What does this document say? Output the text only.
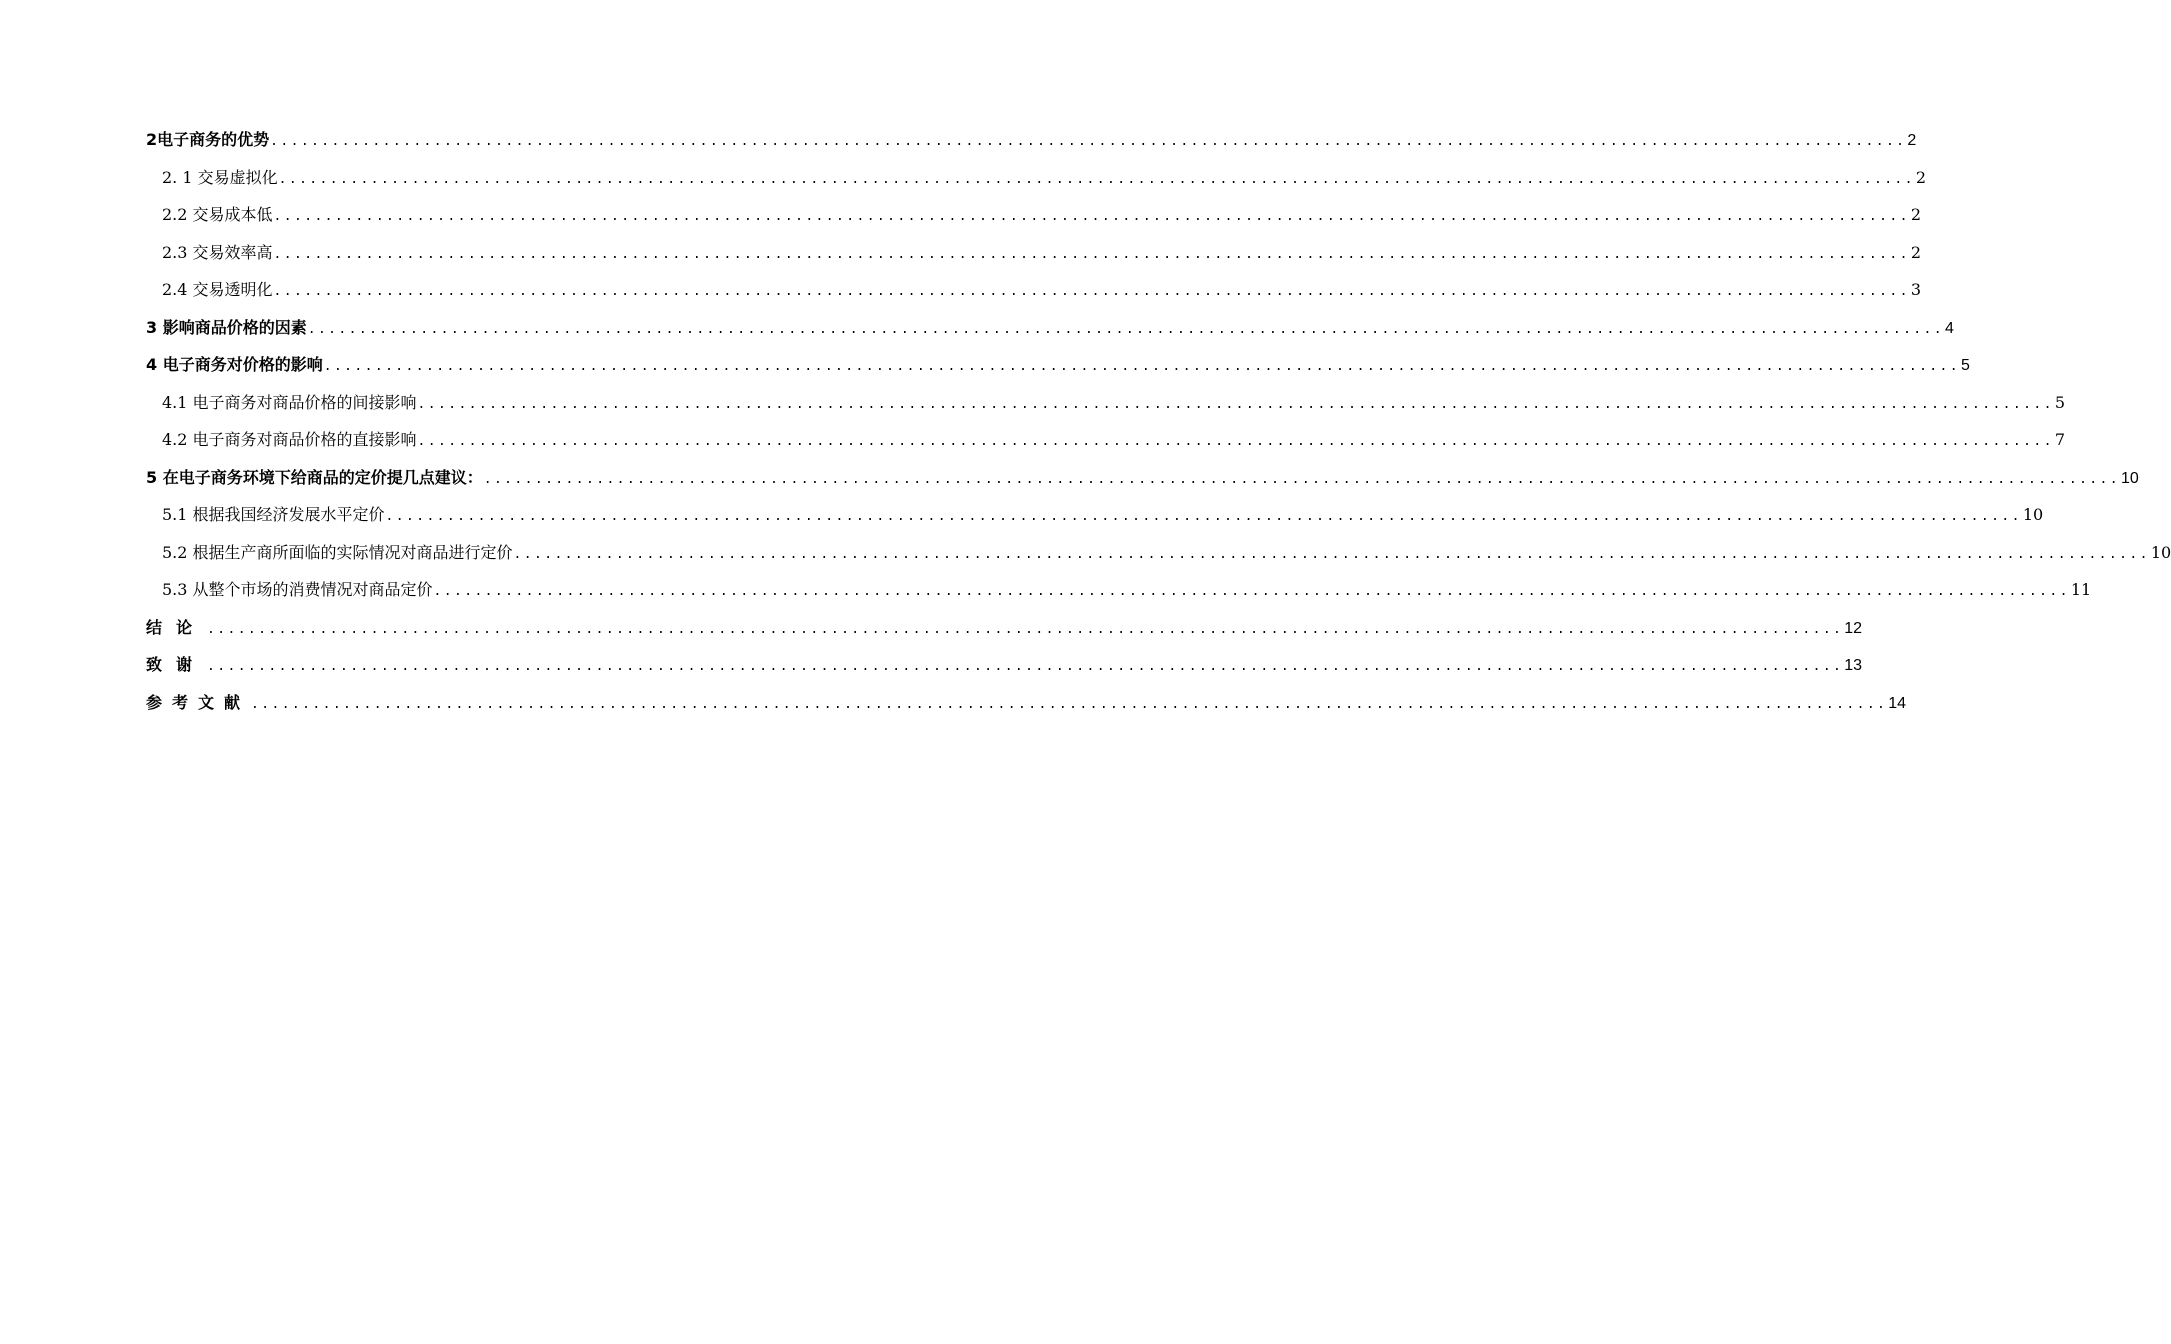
2电子商务的优势 ................................................................................................................................................................ 2
2. 1 交易虚拟化 ................................................................................................................................................................ 2
2.2 交易成本低 ................................................................................................................................................................ 2
2.3 交易效率高 ................................................................................................................................................................ 2
2.4 交易透明化 ................................................................................................................................................................ 3
3 影响商品价格的因素 ................................................................................................................................................................ 4
4 电子商务对价格的影响 ................................................................................................................................................................ 5
4.1 电子商务对商品价格的间接影响 ................................................................................................................................................................ 5
4.2 电子商务对商品价格的直接影响 ................................................................................................................................................................ 7
5 在电子商务环境下给商品的定价提几点建议： ................................................................................................................................................................ 10
5.1 根据我国经济发展水平定价 ................................................................................................................................................................ 10
5.2 根据生产商所面临的实际情况对商品进行定价 ................................................................................................................................................................ 10
5.3 从整个市场的消费情况对商品定价 ................................................................................................................................................................ 11
结论 ................................................................................................................................................................ 12
致谢 ................................................................................................................................................................ 13
参考文献 ................................................................................................................................................................ 14
